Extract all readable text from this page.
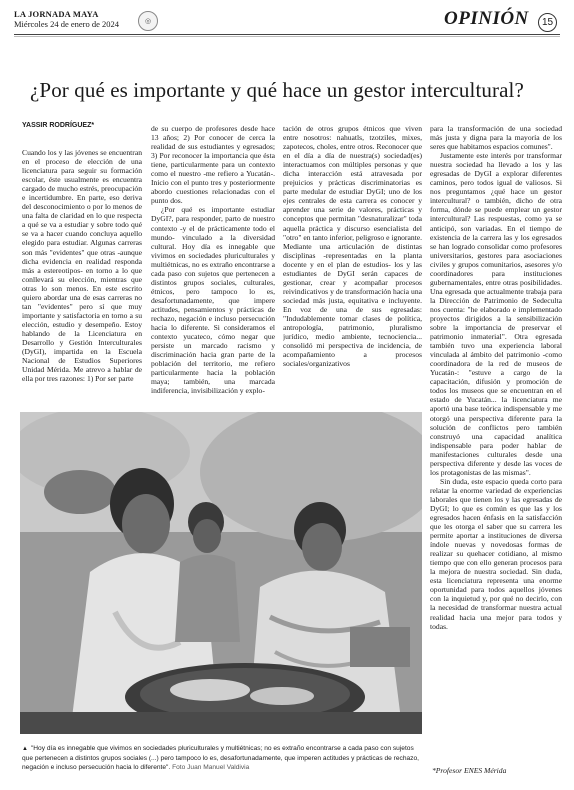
LA JORNADA MAYA
Miércoles 24 de enero de 2024	◎	OPINIÓN	15
¿Por qué es importante y qué hace un gestor intercultural?
YASSIR RODRÍGUEZ*

Cuando los y las jóvenes se encuentran en el proceso de elección de una licenciatura para seguir su formación escolar, éste usualmente es encuentra cargado de mucho estrés, preocupación e incertidumbre. En parte, eso deriva del desconocimiento o por lo menos de una falta de claridad en lo que respecta a qué se va a estudiar y sobre todo qué se va a hacer cuando concluya aquello elegido para estudiar. Algunas carreras son más "evidentes" que otras -aunque dicha evidencia en realidad responda más a estereotipos- en torno a lo que conllevará su elección, mientras que otras lo son menos. En este escrito quiero abordar una de esas carreras no tan "evidentes" pero sí que muy importante y satisfactoria en torno a su elección, estudio y desempeño. Estoy hablando de la Licenciatura en Desarrollo y Gestión Interculturales (DyGI), impartida en la Escuela Nacional de Estudios Superiores Unidad Mérida. Me atrevo a hablar de ella por tres razones: 1) Por ser parte

de su cuerpo de profesores desde hace 13 años; 2) Por conocer de cerca la realidad de sus estudiantes y egresados; 3) Por reconocer la importancia que ésta tiene, particularmente para un contexto como el nuestro -me refiero a Yucatán-. Inicio con el punto tres y posteriormente abordo cuestiones relacionadas con el punto dos.

¿Por qué es importante estudiar DyGI?, para responder, parto de nuestro contexto -y el de prácticamente todo el mundo- vinculado a la diversidad cultural. Hoy día es innegable que vivimos en sociedades pluriculturales y multiétnicas, no es extraño encontrarse a cada paso con sujetos que pertenecen a distintos grupos sociales, culturales, étnicos, pero tampoco lo es, desafortunadamente, que impere actitudes, pensamientos y prácticas de rechazo, negación e incluso persecución hacia lo diferente. Si consideramos el contexto yucateco, cómo negar que persiste un marcado racismo y discriminación hacia gran parte de la población del territorio, me refiero particularmente hacia la población maya; también, una marcada indiferencia, invisibilización y explo-

tación de otros grupos étnicos que viven entre nosotros: nahuatls, tzotziles, mixes, zapotecos, choles, entre otros. Reconocer que en el día a día de nuestra(s) sociedad(es) interactuamos con múltiples personas y que dicha interacción está atravesada por prejuicios y prácticas discriminatorias es parte medular de estudiar DyGI; uno de los ejes centrales de esta carrera es conocer y aprender una serie de valores, prácticas y conceptos que permitan "desnaturalizar" toda aquella práctica y discurso esencialista del "otro" en tanto inferior, peligroso e ignorante. Mediante una articulación de distintas disciplinas -representadas en la planta docente y en el plan de estudios- los y las estudiantes de DyGI serán capaces de gestionar, crear y acompañar procesos reivindicativos y de transformación hacia una sociedad más justa, equitativa e incluyente. En voz de una de sus egresadas: "Indudablemente tomar clases de política, antropología, patrimonio, pluralismo jurídico, medio ambiente, tecnociencia... consolidó mi perspectiva de incidencia, de acompañamiento a procesos sociales/organizativos

para la transformación de una sociedad más justa y digna para la mayoría de los seres que habitamos espacios comunes".

Justamente este interés por transformar nuestra sociedad ha llevado a los y las egresadas de DyGI a explorar diferentes caminos, pero todos igual de valiosos. Si nos preguntamos ¿qué hace un gestor intercultural? o también, dicho de otra forma, dónde se puede emplear un gestor intercultural? Las respuestas, como ya se anticipó, son variadas. En el tiempo de existencia de la carrera las y los egresados se han logrado consolidar como profesores universitarios, gestores para asociaciones civiles y grupos comunitarios, asesores y/o coordinadores para instituciones gubernamentales, entre otras posibilidades. Una egresada que actualmente trabaja para la Dirección de Patrimonio de Sedeculta nos cuenta: "he elaborado e implementado proyectos dirigidos a la sensibilización sobre la importancia de preservar el patrimonio inmaterial". Otra egresada también tuvo una experiencia laboral vinculada al ámbito del patrimonio -como coordinadora de la red de museos de Yucatán-: "estuve a cargo de la capacitación, difusión y promoción de todos los museos que se encuentran en el estado de Yucatán... la licenciatura me aportó una base teórica indispensable y me otorgó una perspectiva diferente para la solución de conflictos pero también construyó una capacidad analítica indispensable para poder hablar de manifestaciones culturales desde una perspectiva diferente y desde las voces de los protagonistas de las mismas".

Sin duda, este espacio queda corto para relatar la enorme variedad de experiencias laborales que tienen los y las egresadas de DyGI; lo que es común es que las y los egresados hacen énfasis en la satisfacción que les otorga el saber que su carrera les permite aportar a instituciones de diversa índole nuevas y novedosas formas de realizar su quehacer cotidiano, al mismo tiempo que con ello generan procesos para la mejora de nuestra sociedad. Sin duda, esta licenciatura representa una enorme oportunidad para todos aquellos jóvenes con la inquietud y, por qué no decirlo, con la necesidad de transformar nuestra actual realidad hacia una mejor para todos y todas.

*Profesor ENES Mérida
▲ "Hoy día es innegable que vivimos en sociedades pluriculturales y multiétnicas; no es extraño encontrarse a cada paso con sujetos que pertenecen a distintos grupos sociales (...) pero tampoco lo es, desafortunadamente, que imperen actitudes y prácticas de rechazo, negación e incluso persecución hacia lo diferente". Foto Juan Manuel Valdivia
